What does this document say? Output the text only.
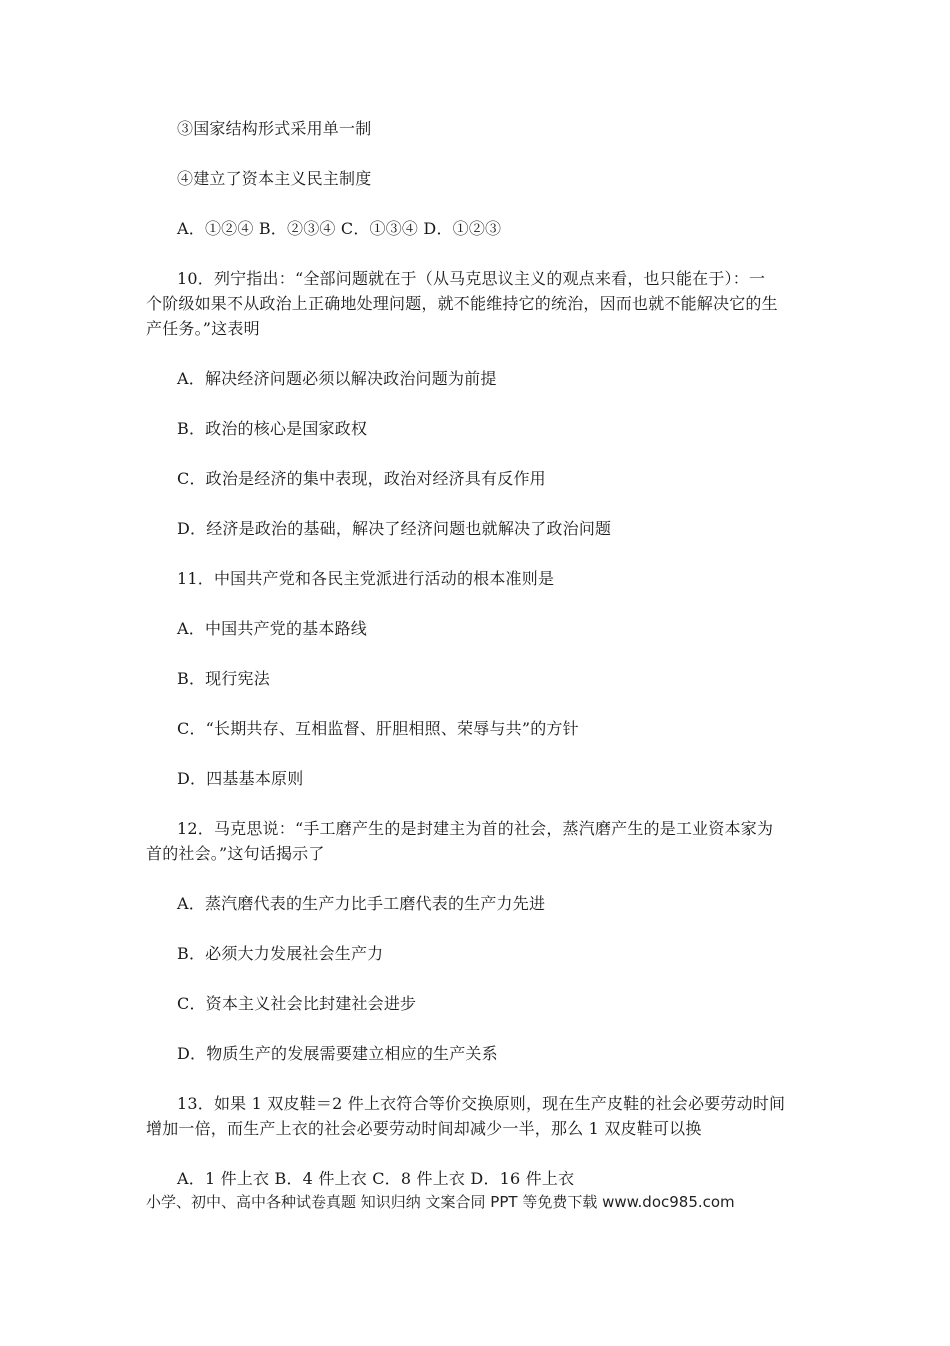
③国家结构形式采用单一制
④建立了资本主义民主制度
A．①②④ B．②③④ C．①③④ D．①②③
10．列宁指出：“全部问题就在于（从马克思议主义的观点来看，也只能在于）：一
个阶级如果不从政治上正确地处理问题，就不能维持它的统治，因而也就不能解决它的生
产任务。”这表明
A．解决经济问题必须以解决政治问题为前提
B．政治的核心是国家政权
C．政治是经济的集中表现，政治对经济具有反作用
D．经济是政治的基础，解决了经济问题也就解决了政治问题
11．中国共产党和各民主党派进行活动的根本准则是
A．中国共产党的基本路线
B．现行宪法
C．“长期共存、互相监督、肝胆相照、荣辱与共”的方针
D．四基基本原则
12．马克思说：“手工磨产生的是封建主为首的社会，蒸汽磨产生的是工业资本家为
首的社会。”这句话揭示了
A．蒸汽磨代表的生产力比手工磨代表的生产力先进
B．必须大力发展社会生产力
C．资本主义社会比封建社会进步
D．物质生产的发展需要建立相应的生产关系
13．如果 1 双皮鞋＝2 件上衣符合等价交换原则，现在生产皮鞋的社会必要劳动时间
增加一倍，而生产上衣的社会必要劳动时间却减少一半，那么 1 双皮鞋可以换
A．1 件上衣 B．4 件上衣 C．8 件上衣 D．16 件上衣
小学、初中、高中各种试卷真题 知识归纳 文案合同 PPT 等免费下载 www.doc985.com
